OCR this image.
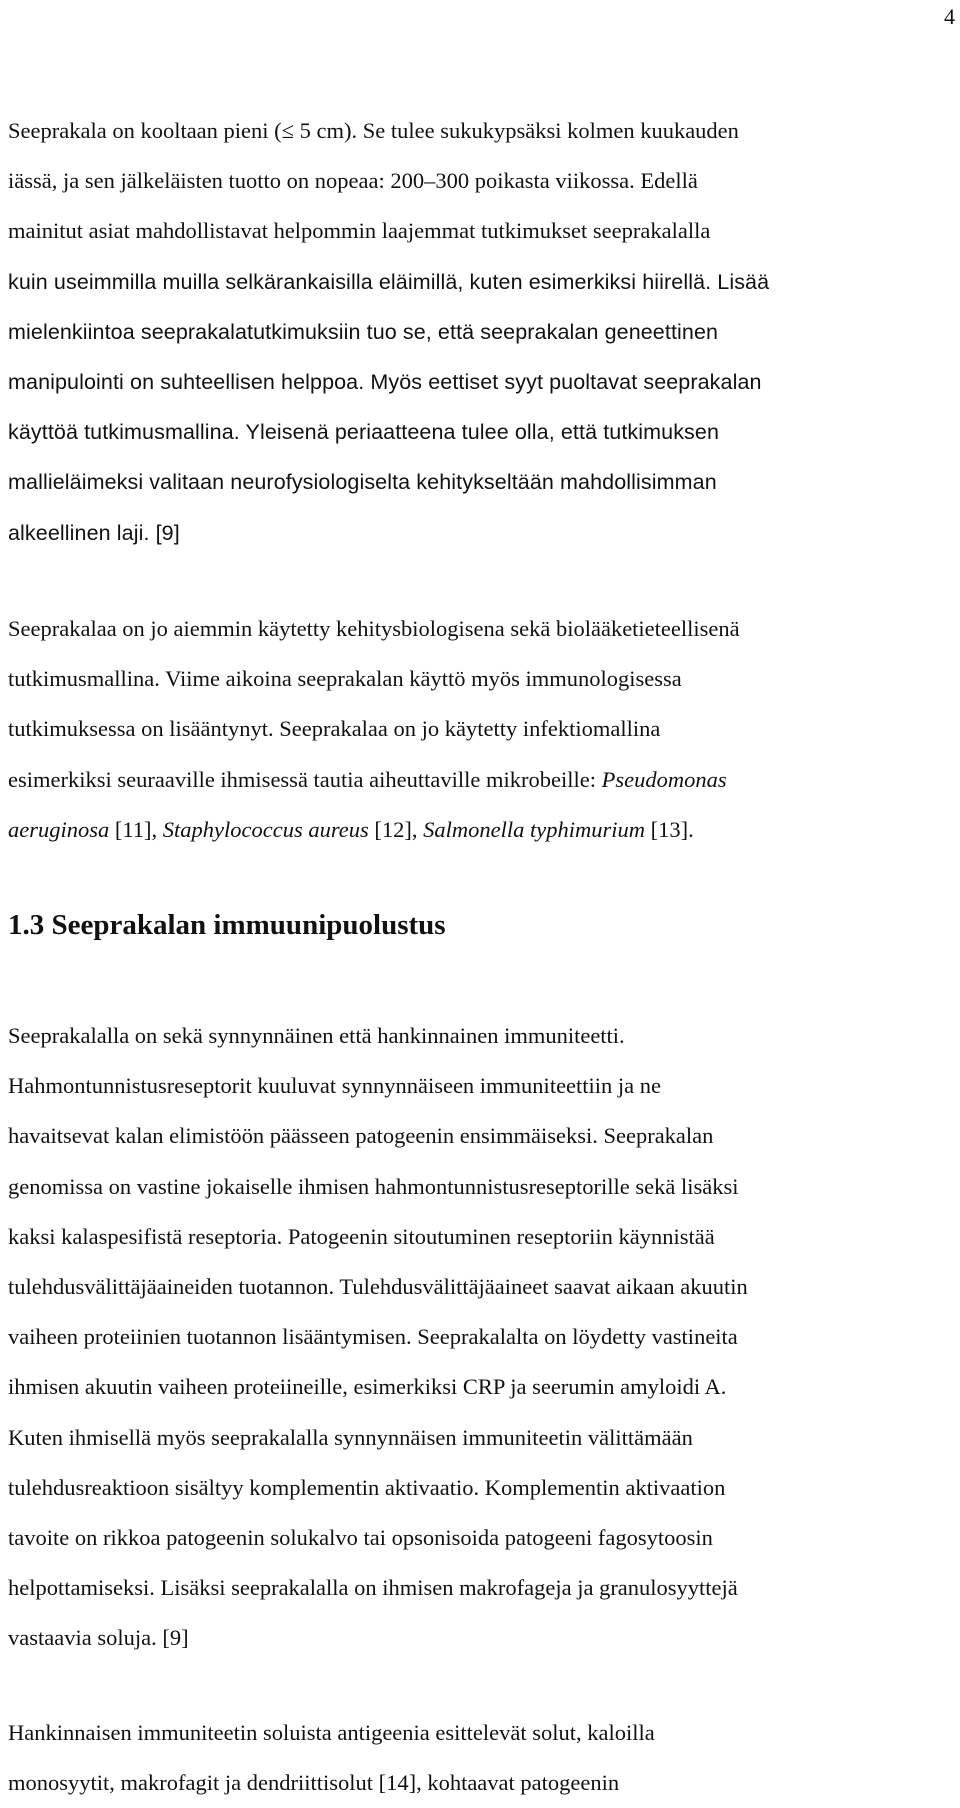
4
Seeprakala on kooltaan pieni (≤ 5 cm). Se tulee sukukypsäksi kolmen kuukauden
iässä, ja sen jälkeläisten tuotto on nopeaa: 200–300 poikasta viikossa. Edellä
mainitut asiat mahdollistavat helpommin laajemmat tutkimukset seeprakalalla
kuin useimmilla muilla selkärankaisilla eläimillä, kuten esimerkiksi hiirellä. Lisää
mielenkiintoa seeprakalatutkimuksiin tuo se, että seeprakalan geneettinen
manipulointi on suhteellisen helppoa. Myös eettiset syyt puoltavat seeprakalan
käyttöä tutkimusmallina. Yleisenä periaatteena tulee olla, että tutkimuksen
mallieläimeksi valitaan neurofysiologiselta kehitykseltään mahdollisimman
alkeellinen laji. [9]
Seeprakalaa on jo aiemmin käytetty kehitysbiologisena sekä biolääketieteellisenä
tutkimusmallina. Viime aikoina seeprakalan käyttö myös immunologisessa
tutkimuksessa on lisääntynyt. Seeprakalaa on jo käytetty infektiomallina
esimerkiksi seuraaville ihmisessä tautia aiheuttaville mikrobeille: Pseudomonas
aeruginosa [11], Staphylococcus aureus [12], Salmonella typhimurium [13].
1.3 Seeprakalan immuunipuolustus
Seeprakalalla on sekä synnynnäinen että hankinnainen immuniteetti.
Hahmontunnistusreseptorit kuuluvat synnynnäiseen immuniteettiin ja ne
havaitsevat kalan elimistöön päässeen patogeenin ensimmäiseksi. Seeprakalan
genomissa on vastine jokaiselle ihmisen hahmontunnistusreseptorille sekä lisäksi
kaksi kalaspesifistä reseptoria. Patogeenin sitoutuminen reseptoriin käynnistää
tulehdusvälittäjäaineiden tuotannon. Tulehdusvälittäjäaineet saavat aikaan akuutin
vaiheen proteiinien tuotannon lisääntymisen. Seeprakalalta on löydetty vastineita
ihmisen akuutin vaiheen proteiineille, esimerkiksi CRP ja seerumin amyloidi A.
Kuten ihmisellä myös seeprakalalla synnynnäisen immuniteetin välittämään
tulehdusreaktioon sisältyy komplementin aktivaatio. Komplementin aktivaation
tavoite on rikkoa patogeenin solukalvo tai opsonisoida patogeeni fagosytoosin
helpottamiseksi. Lisäksi seeprakalalla on ihmisen makrofageja ja granulosyyttejä
vastaavia soluja. [9]
Hankinnaisen immuniteetin soluista antigeenia esittelevät solut, kaloilla
monosyytit, makrofagit ja dendriittisolut [14], kohtaavat patogeenin
